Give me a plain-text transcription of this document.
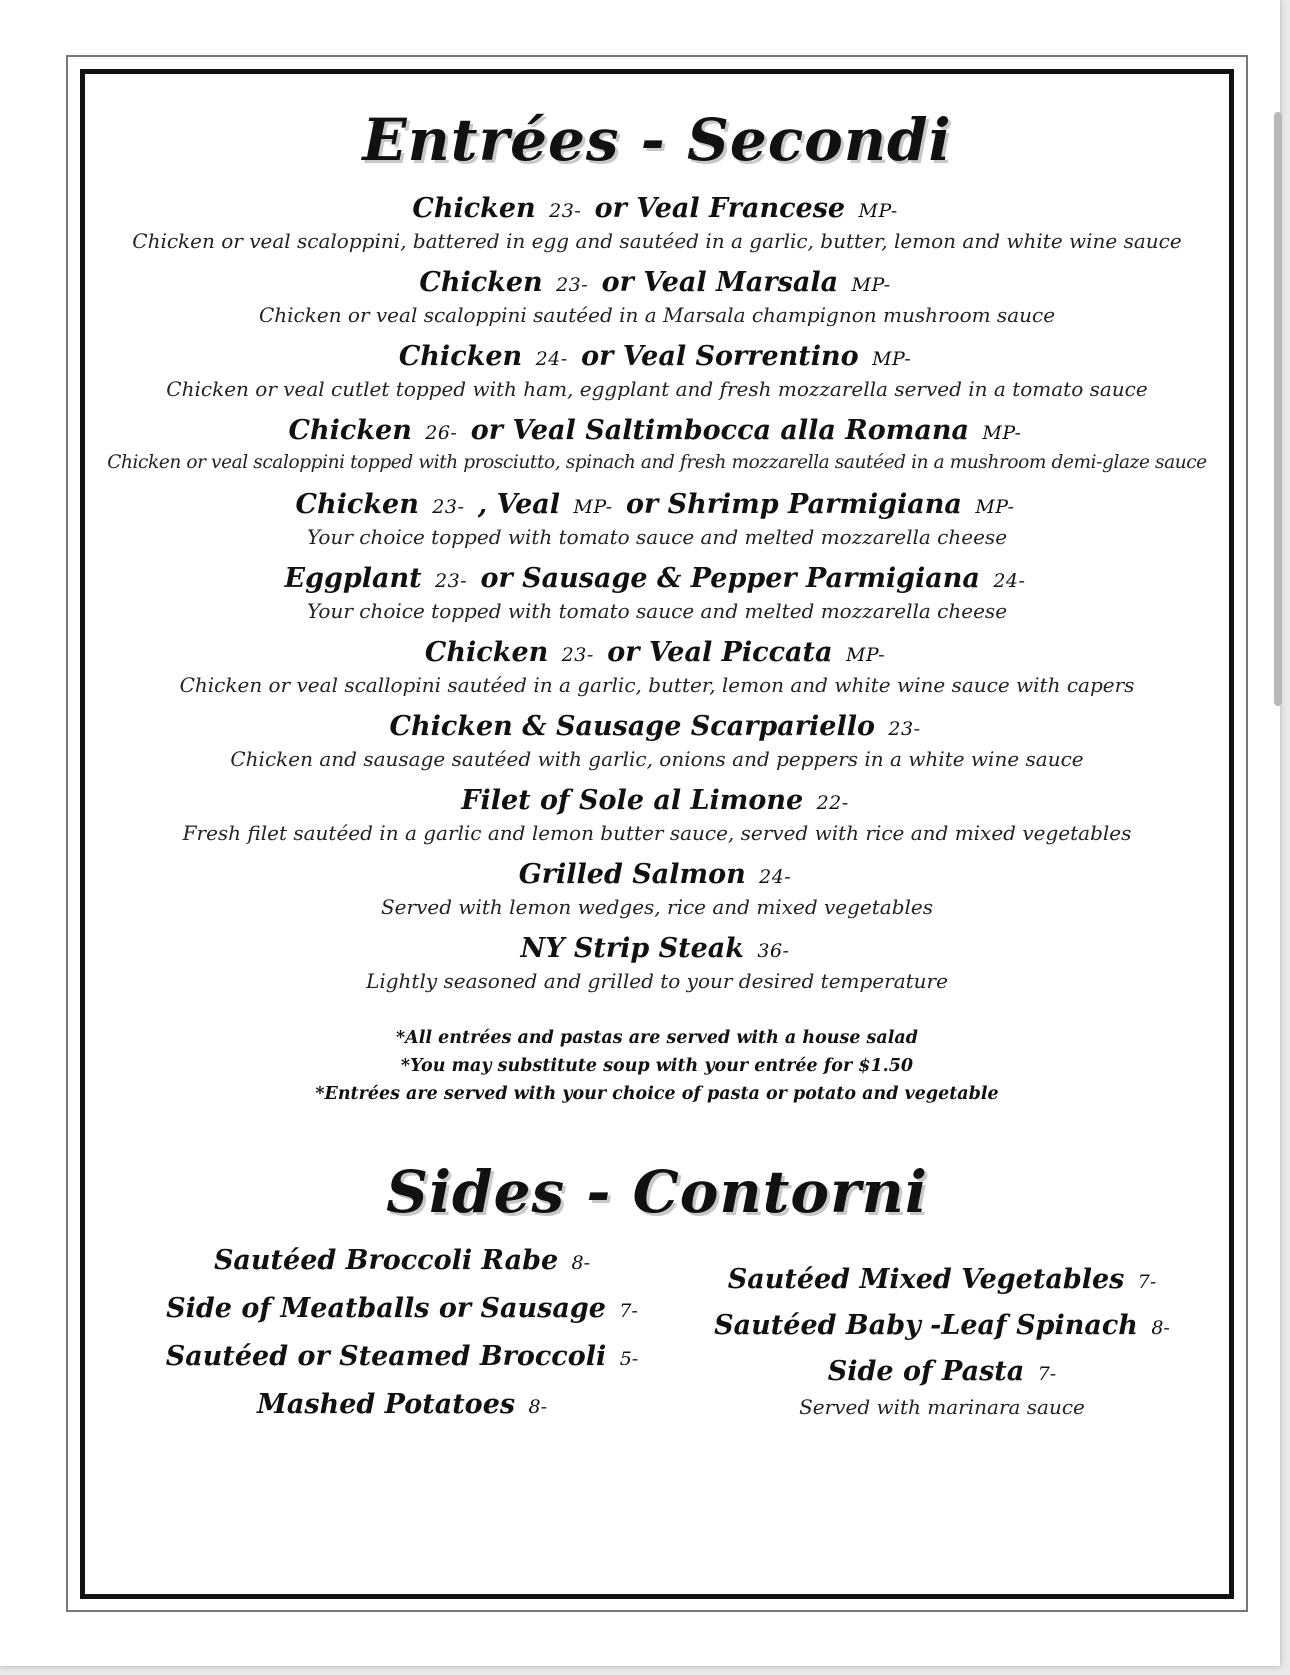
Entrées - Secondi
Chicken 23- or Veal Francese MP-
Chicken or veal scaloppini, battered in egg and sautéed in a garlic, butter, lemon and white wine sauce
Chicken 23- or Veal Marsala MP-
Chicken or veal scaloppini sautéed in a Marsala champignon mushroom sauce
Chicken 24- or Veal Sorrentino MP-
Chicken or veal cutlet topped with ham, eggplant and fresh mozzarella served in a tomato sauce
Chicken 26- or Veal Saltimbocca alla Romana MP-
Chicken or veal scaloppini topped with prosciutto, spinach and fresh mozzarella sautéed in a mushroom demi-glaze sauce
Chicken 23- , Veal MP- or Shrimp Parmigiana MP-
Your choice topped with tomato sauce and melted mozzarella cheese
Eggplant 23- or Sausage & Pepper Parmigiana 24-
Your choice topped with tomato sauce and melted mozzarella cheese
Chicken 23- or Veal Piccata MP-
Chicken or veal scallopini sautéed in a garlic, butter, lemon and white wine sauce with capers
Chicken & Sausage Scarpariello 23-
Chicken and sausage sautéed with garlic, onions and peppers in a white wine sauce
Filet of Sole al Limone 22-
Fresh filet sautéed in a garlic and lemon butter sauce, served with rice and mixed vegetables
Grilled Salmon 24-
Served with lemon wedges, rice and mixed vegetables
NY Strip Steak 36-
Lightly seasoned and grilled to your desired temperature
*All entrées and pastas are served with a house salad
*You may substitute soup with your entrée for $1.50
*Entrées are served with your choice of pasta or potato and vegetable
Sides - Contorni
Sautéed Broccoli Rabe 8-
Side of Meatballs or Sausage 7-
Sautéed or Steamed Broccoli 5-
Mashed Potatoes 8-
Sautéed Mixed Vegetables 7-
Sautéed Baby -Leaf Spinach 8-
Side of Pasta 7-
Served with marinara sauce
